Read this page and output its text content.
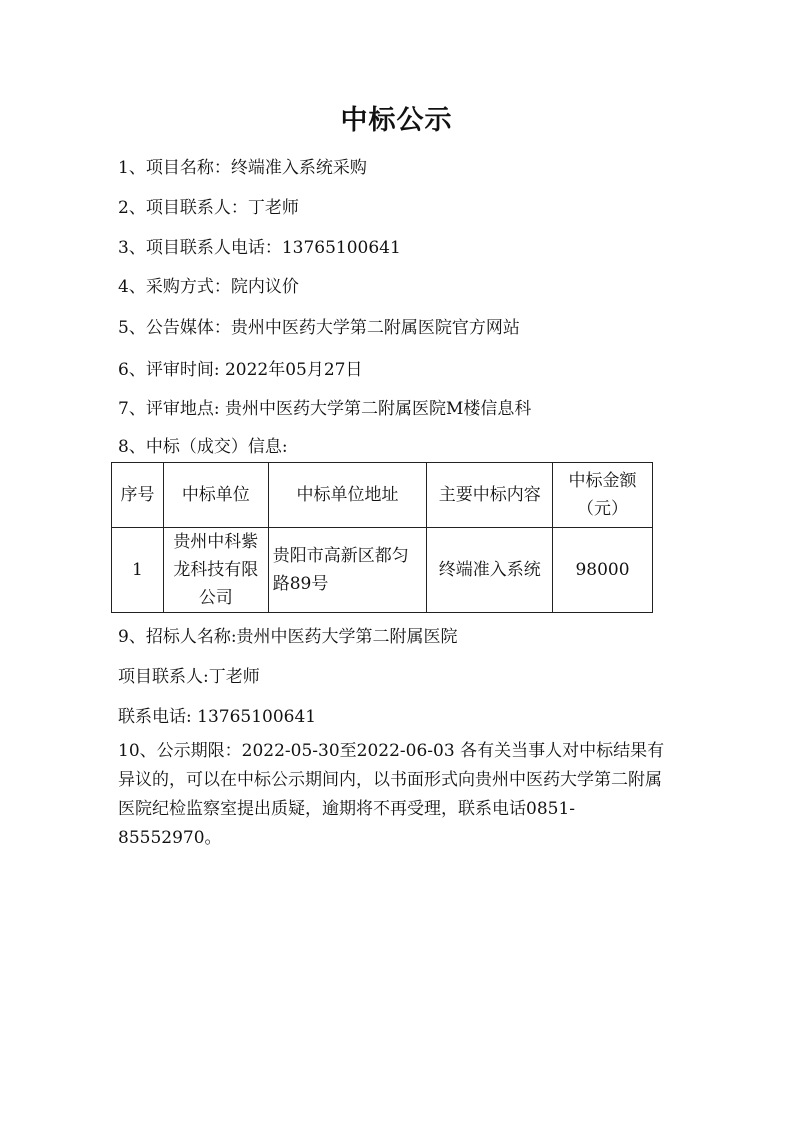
中标公示
1、项目名称：终端准入系统采购
2、项目联系人：丁老师
3、项目联系人电话：13765100641
4、采购方式：院内议价
5、公告媒体：贵州中医药大学第二附属医院官方网站
6、评审时间: 2022年05月27日
7、评审地点: 贵州中医药大学第二附属医院M楼信息科
8、中标（成交）信息:
序号	中标单位	中标单位地址	主要中标内容	中标金额（元）
1	贵州中科紫龙科技有限公司	贵阳市高新区都匀路89号	终端准入系统	98000
9、招标人名称:贵州中医药大学第二附属医院
项目联系人:丁老师
联系电话: 13765100641
10、公示期限：2022-05-30至2022-06-03 各有关当事人对中标结果有异议的，可以在中标公示期间内，以书面形式向贵州中医药大学第二附属医院纪检监察室提出质疑，逾期将不再受理，联系电话0851-85552970。
